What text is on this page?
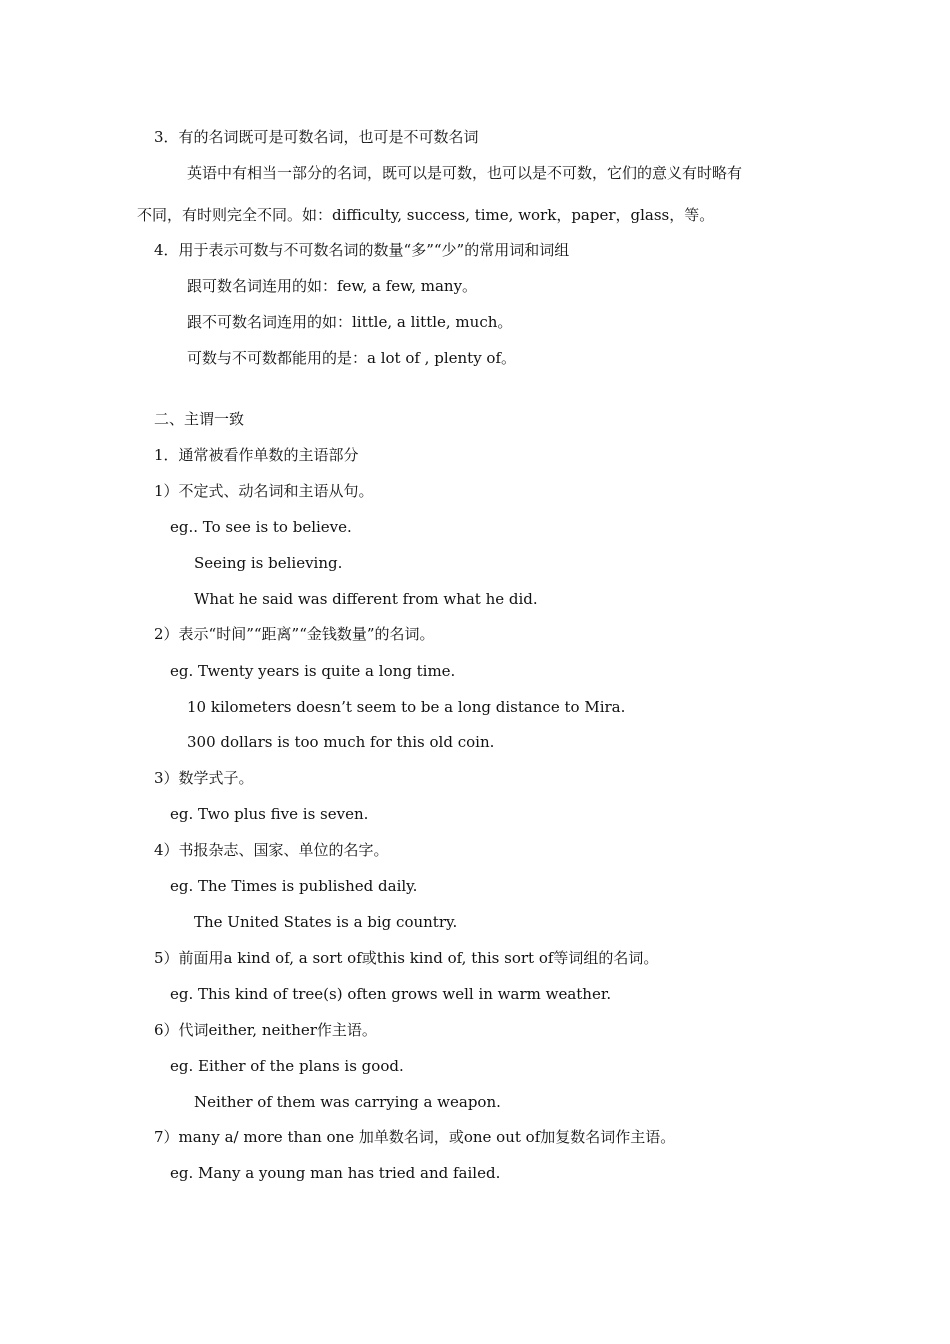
3．有的名词既可是可数名词，也可是不可数名词
英语中有相当一部分的名词，既可以是可数，也可以是不可数，它们的意义有时略有
不同，有时则完全不同。如：difficulty, success, time, work，paper，glass，等。
4．用于表示可数与不可数名词的数量“多”“少”的常用词和词组
跟可数名词连用的如：few, a few, many。
跟不可数名词连用的如：little, a little, much。
可数与不可数都能用的是：a lot of , plenty of。
二、主谓一致
1．通常被看作单数的主语部分
1）不定式、动名词和主语从句。
eg.. To see is to believe.
Seeing is believing.
What he said was different from what he did.
2）表示“时间”“距离”“金钱数量”的名词。
eg. Twenty years is quite a long time.
10 kilometers doesn’t seem to be a long distance to Mira.
300 dollars is too much for this old coin.
3）数学式子。
eg. Two plus five is seven.
4）书报杂志、国家、单位的名字。
eg. The Times is published daily.
The United States is a big country.
5）前面用a kind of, a sort of或this kind of, this sort of等词组的名词。
eg. This kind of tree(s) often grows well in warm weather.
6）代词either, neither作主语。
eg. Either of the plans is good.
Neither of them was carrying a weapon.
7）many a/ more than one 加单数名词，或one out of加复数名词作主语。
eg. Many a young man has tried and failed.
